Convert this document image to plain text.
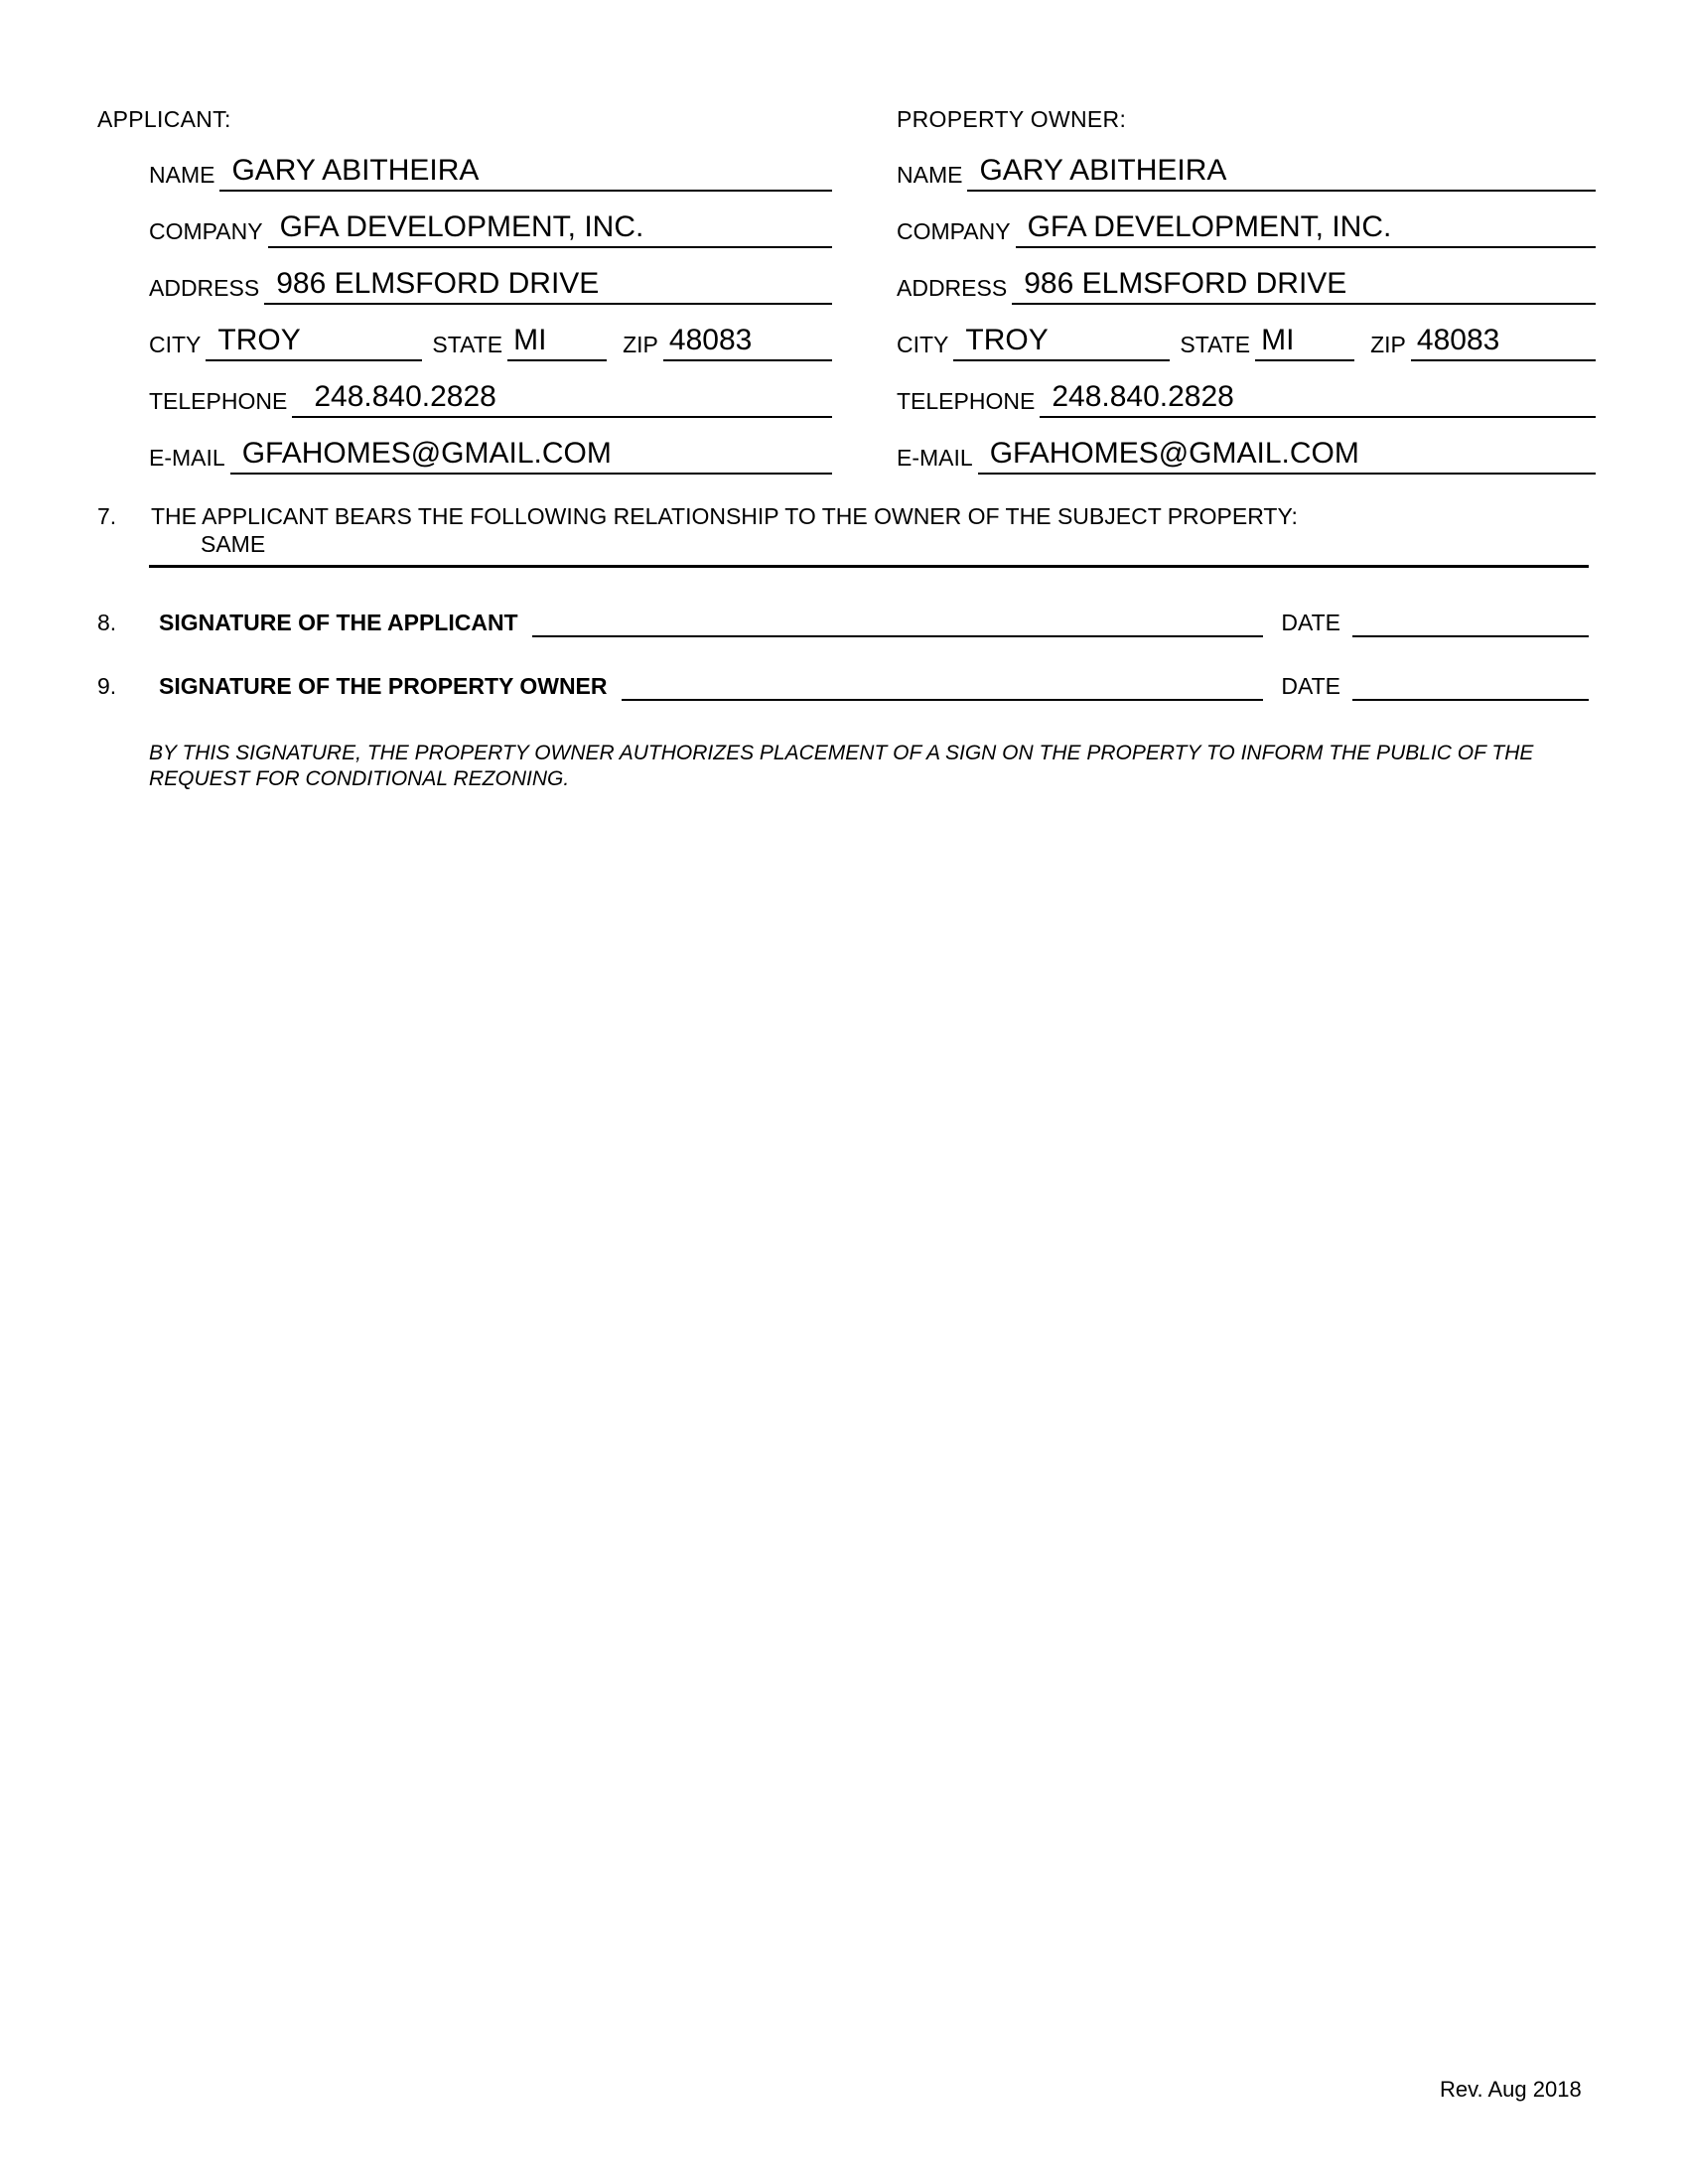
APPLICANT:
NAME GARY ABITHEIRA
COMPANY GFA DEVELOPMENT, INC.
ADDRESS 986 ELMSFORD DRIVE
CITY TROY	STATE MI	ZIP 48083
TELEPHONE 248.840.2828
E-MAIL GFAHOMES@GMAIL.COM
PROPERTY OWNER:
NAME GARY ABITHEIRA
COMPANY GFA DEVELOPMENT, INC.
ADDRESS 986 ELMSFORD DRIVE
CITY TROY	STATE MI	ZIP 48083
TELEPHONE 248.840.2828
E-MAIL GFAHOMES@GMAIL.COM
7.	THE APPLICANT BEARS THE FOLLOWING RELATIONSHIP TO THE OWNER OF THE SUBJECT PROPERTY:
SAME
8.	SIGNATURE OF THE APPLICANT	DATE
9.	SIGNATURE OF THE PROPERTY OWNER	DATE
BY THIS SIGNATURE, THE PROPERTY OWNER AUTHORIZES PLACEMENT OF A SIGN ON THE PROPERTY TO INFORM THE PUBLIC OF THE REQUEST FOR CONDITIONAL REZONING.
Rev. Aug 2018
